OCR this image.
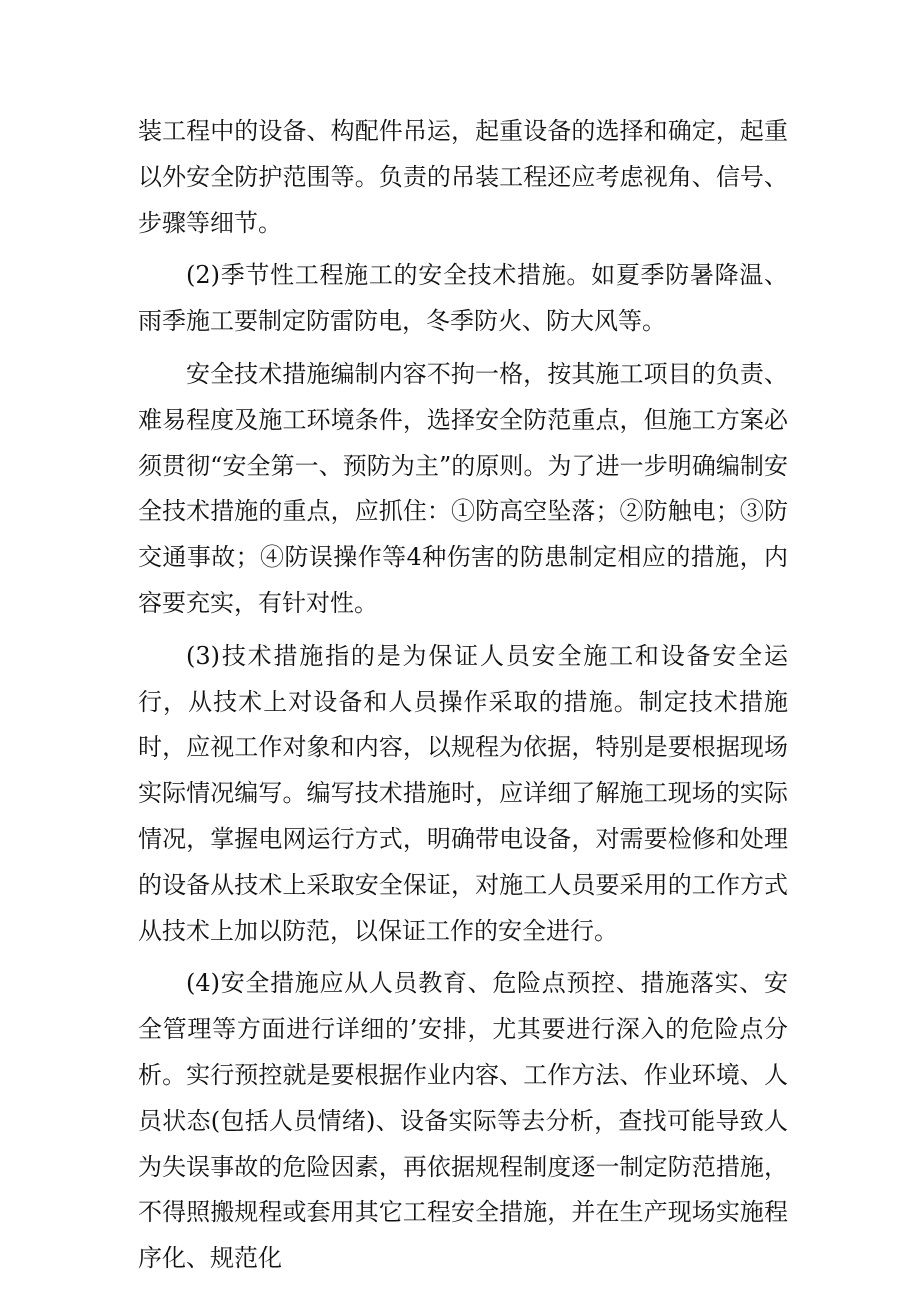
装工程中的设备、构配件吊运，起重设备的选择和确定，起重以外安全防护范围等。负责的吊装工程还应考虑视角、信号、步骤等细节。

(2)季节性工程施工的安全技术措施。如夏季防暑降温、雨季施工要制定防雷防电，冬季防火、防大风等。

安全技术措施编制内容不拘一格，按其施工项目的负责、难易程度及施工环境条件，选择安全防范重点，但施工方案必须贯彻“安全第一、预防为主”的原则。为了进一步明确编制安全技术措施的重点，应抓住：①防高空坠落；②防触电；③防交通事故；④防误操作等4种伤害的防患制定相应的措施，内容要充实，有针对性。

(3)技术措施指的是为保证人员安全施工和设备安全运行，从技术上对设备和人员操作采取的措施。制定技术措施时，应视工作对象和内容，以规程为依据，特别是要根据现场实际情况编写。编写技术措施时，应详细了解施工现场的实际情况，掌握电网运行方式，明确带电设备，对需要检修和处理的设备从技术上采取安全保证，对施工人员要采用的工作方式从技术上加以防范，以保证工作的安全进行。

(4)安全措施应从人员教育、危险点预控、措施落实、安全管理等方面进行详细的’安排，尤其要进行深入的危险点分析。实行预控就是要根据作业内容、工作方法、作业环境、人员状态(包括人员情绪)、设备实际等去分析，查找可能导致人为失误事故的危险因素，再依据规程制度逐一制定防范措施，不得照搬规程或套用其它工程安全措施，并在生产现场实施程序化、规范化
